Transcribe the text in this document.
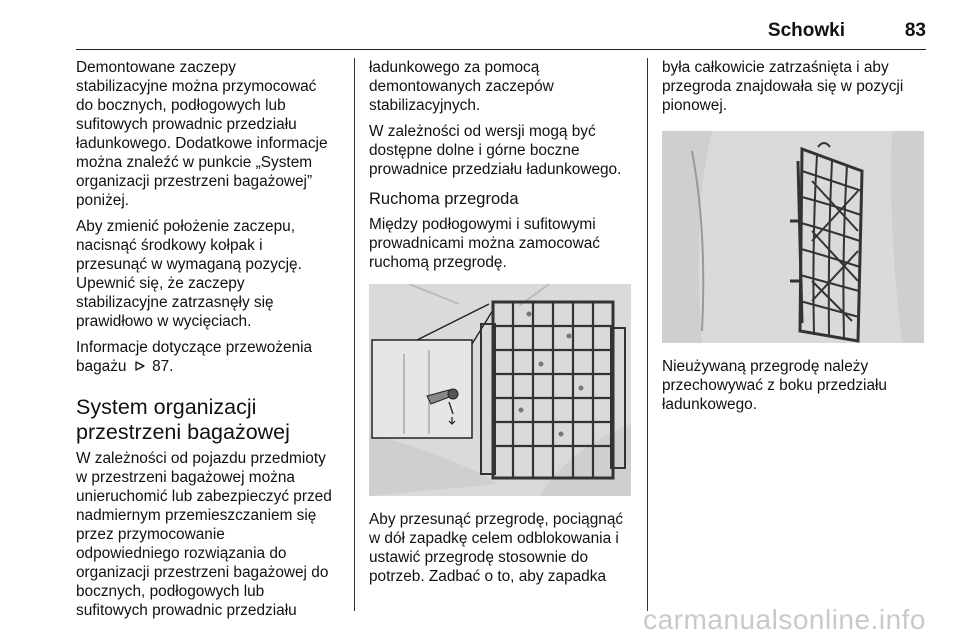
Schowki	83

Demontowane zaczepy
stabilizacyjne można przymocować
do bocznych, podłogowych lub
sufitowych prowadnic przedziału
ładunkowego. Dodatkowe informacje
można znaleźć w punkcie „System
organizacji przestrzeni bagażowej”
poniżej.

Aby zmienić położenie zaczepu,
nacisnąć środkowy kołpak i
przesunąć w wymaganą pozycję.
Upewnić się, że zaczepy
stabilizacyjne zatrzasnęły się
prawidłowo w wycięciach.

Informacje dotyczące przewożenia
bagażu 87.

System organizacji
przestrzeni bagażowej

W zależności od pojazdu przedmioty
w przestrzeni bagażowej można
unieruchomić lub zabezpieczyć przed
nadmiernym przemieszczaniem się
przez przymocowanie
odpowiedniego rozwiązania do
organizacji przestrzeni bagażowej do
bocznych, podłogowych lub
sufitowych prowadnic przedziału

ładunkowego za pomocą
demontowanych zaczepów
stabilizacyjnych.

W zależności od wersji mogą być
dostępne dolne i górne boczne
prowadnice przedziału ładunkowego.

Ruchoma przegroda

Między podłogowymi i sufitowymi
prowadnicami można zamocować
ruchomą przegrodę.

Aby przesunąć przegrodę, pociągnąć
w dół zapadkę celem odblokowania i
ustawić przegrodę stosownie do
potrzeb. Zadbać o to, aby zapadka

była całkowicie zatrzaśnięta i aby
przegroda znajdowała się w pozycji
pionowej.

Nieużywaną przegrodę należy
przechowywać z boku przedziału
ładunkowego.

carmanualsonline.info
